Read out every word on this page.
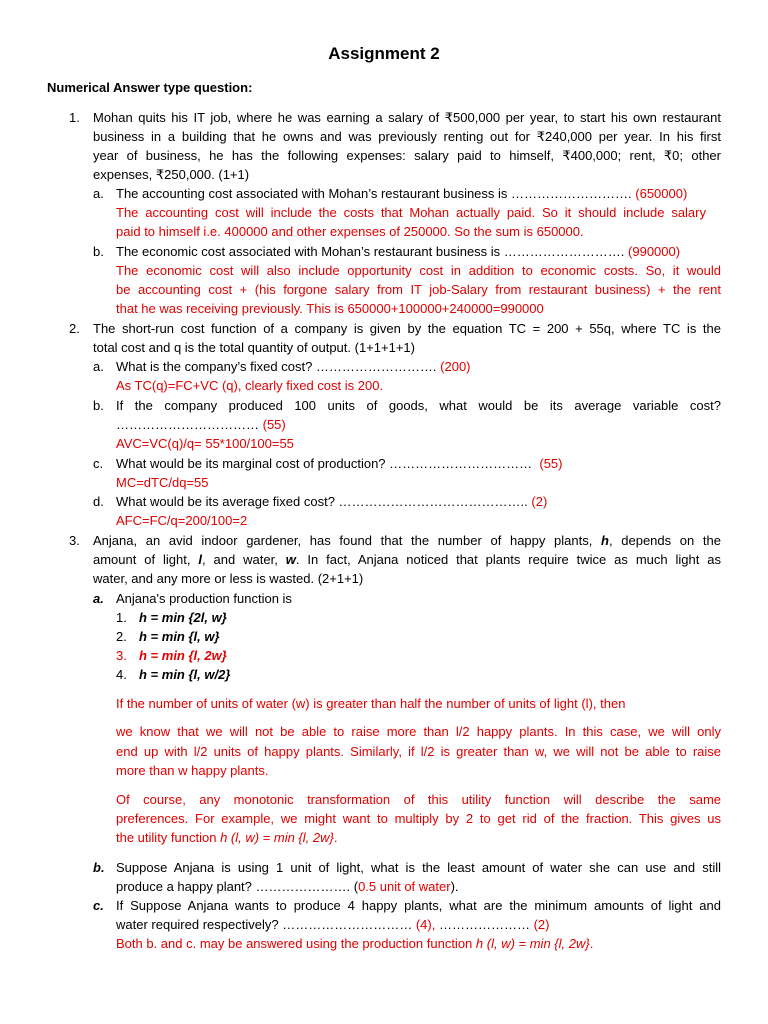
Assignment 2
Numerical Answer type question:
1. Mohan quits his IT job, where he was earning a salary of ₹500,000 per year, to start his own restaurant
business in a building that he owns and was previously renting out for ₹240,000 per year. In his first
year of business, he has the following expenses: salary paid to himself, ₹400,000; rent, ₹0; other
expenses, ₹250,000. (1+1)
a. The accounting cost associated with Mohan’s restaurant business is ………………………. (650000)
The accounting cost will include the costs that Mohan actually paid. So it should include salary
paid to himself i.e. 400000 and other expenses of 250000. So the sum is 650000.
b. The economic cost associated with Mohan’s restaurant business is ………………………. (990000)
The economic cost will also include opportunity cost in addition to economic costs. So, it would
be accounting cost + (his forgone salary from IT job-Salary from restaurant business) + the rent
that he was receiving previously. This is 650000+100000+240000=990000
2. The short-run cost function of a company is given by the equation TC = 200 + 55q, where TC is the
total cost and q is the total quantity of output. (1+1+1+1)
a. What is the company’s fixed cost? ………………………. (200)
As TC(q)=FC+VC (q), clearly fixed cost is 200.
b. If the company produced 100 units of goods, what would be its average variable cost?
…………………………… (55)
AVC=VC(q)/q= 55*100/100=55
c. What would be its marginal cost of production? …………………………… (55)
MC=dTC/dq=55
d. What would be its average fixed cost? …………………………………….. (2)
AFC=FC/q=200/100=2
3. Anjana, an avid indoor gardener, has found that the number of happy plants, h, depends on the
amount of light, l, and water, w. In fact, Anjana noticed that plants require twice as much light as
water, and any more or less is wasted. (2+1+1)
a. Anjana's production function is
1. h = min {2l, w}
2. h = min {l, w}
3. h = min {l, 2w}
4. h = min {l, w/2}
If the number of units of water (w) is greater than half the number of units of light (l), then
we know that we will not be able to raise more than l/2 happy plants. In this case, we will only
end up with l/2 units of happy plants. Similarly, if l/2 is greater than w, we will not be able to raise
more than w happy plants.
Of course, any monotonic transformation of this utility function will describe the same
preferences. For example, we might want to multiply by 2 to get rid of the fraction. This gives us
the utility function h (l, w) = min {l, 2w}.
b. Suppose Anjana is using 1 unit of light, what is the least amount of water she can use and still
produce a happy plant? …………………. (0.5 unit of water).
c. If Suppose Anjana wants to produce 4 happy plants, what are the minimum amounts of light and
water required respectively? ………………………… (4), ………………… (2)
Both b. and c. may be answered using the production function h (l, w) = min {l, 2w}.
